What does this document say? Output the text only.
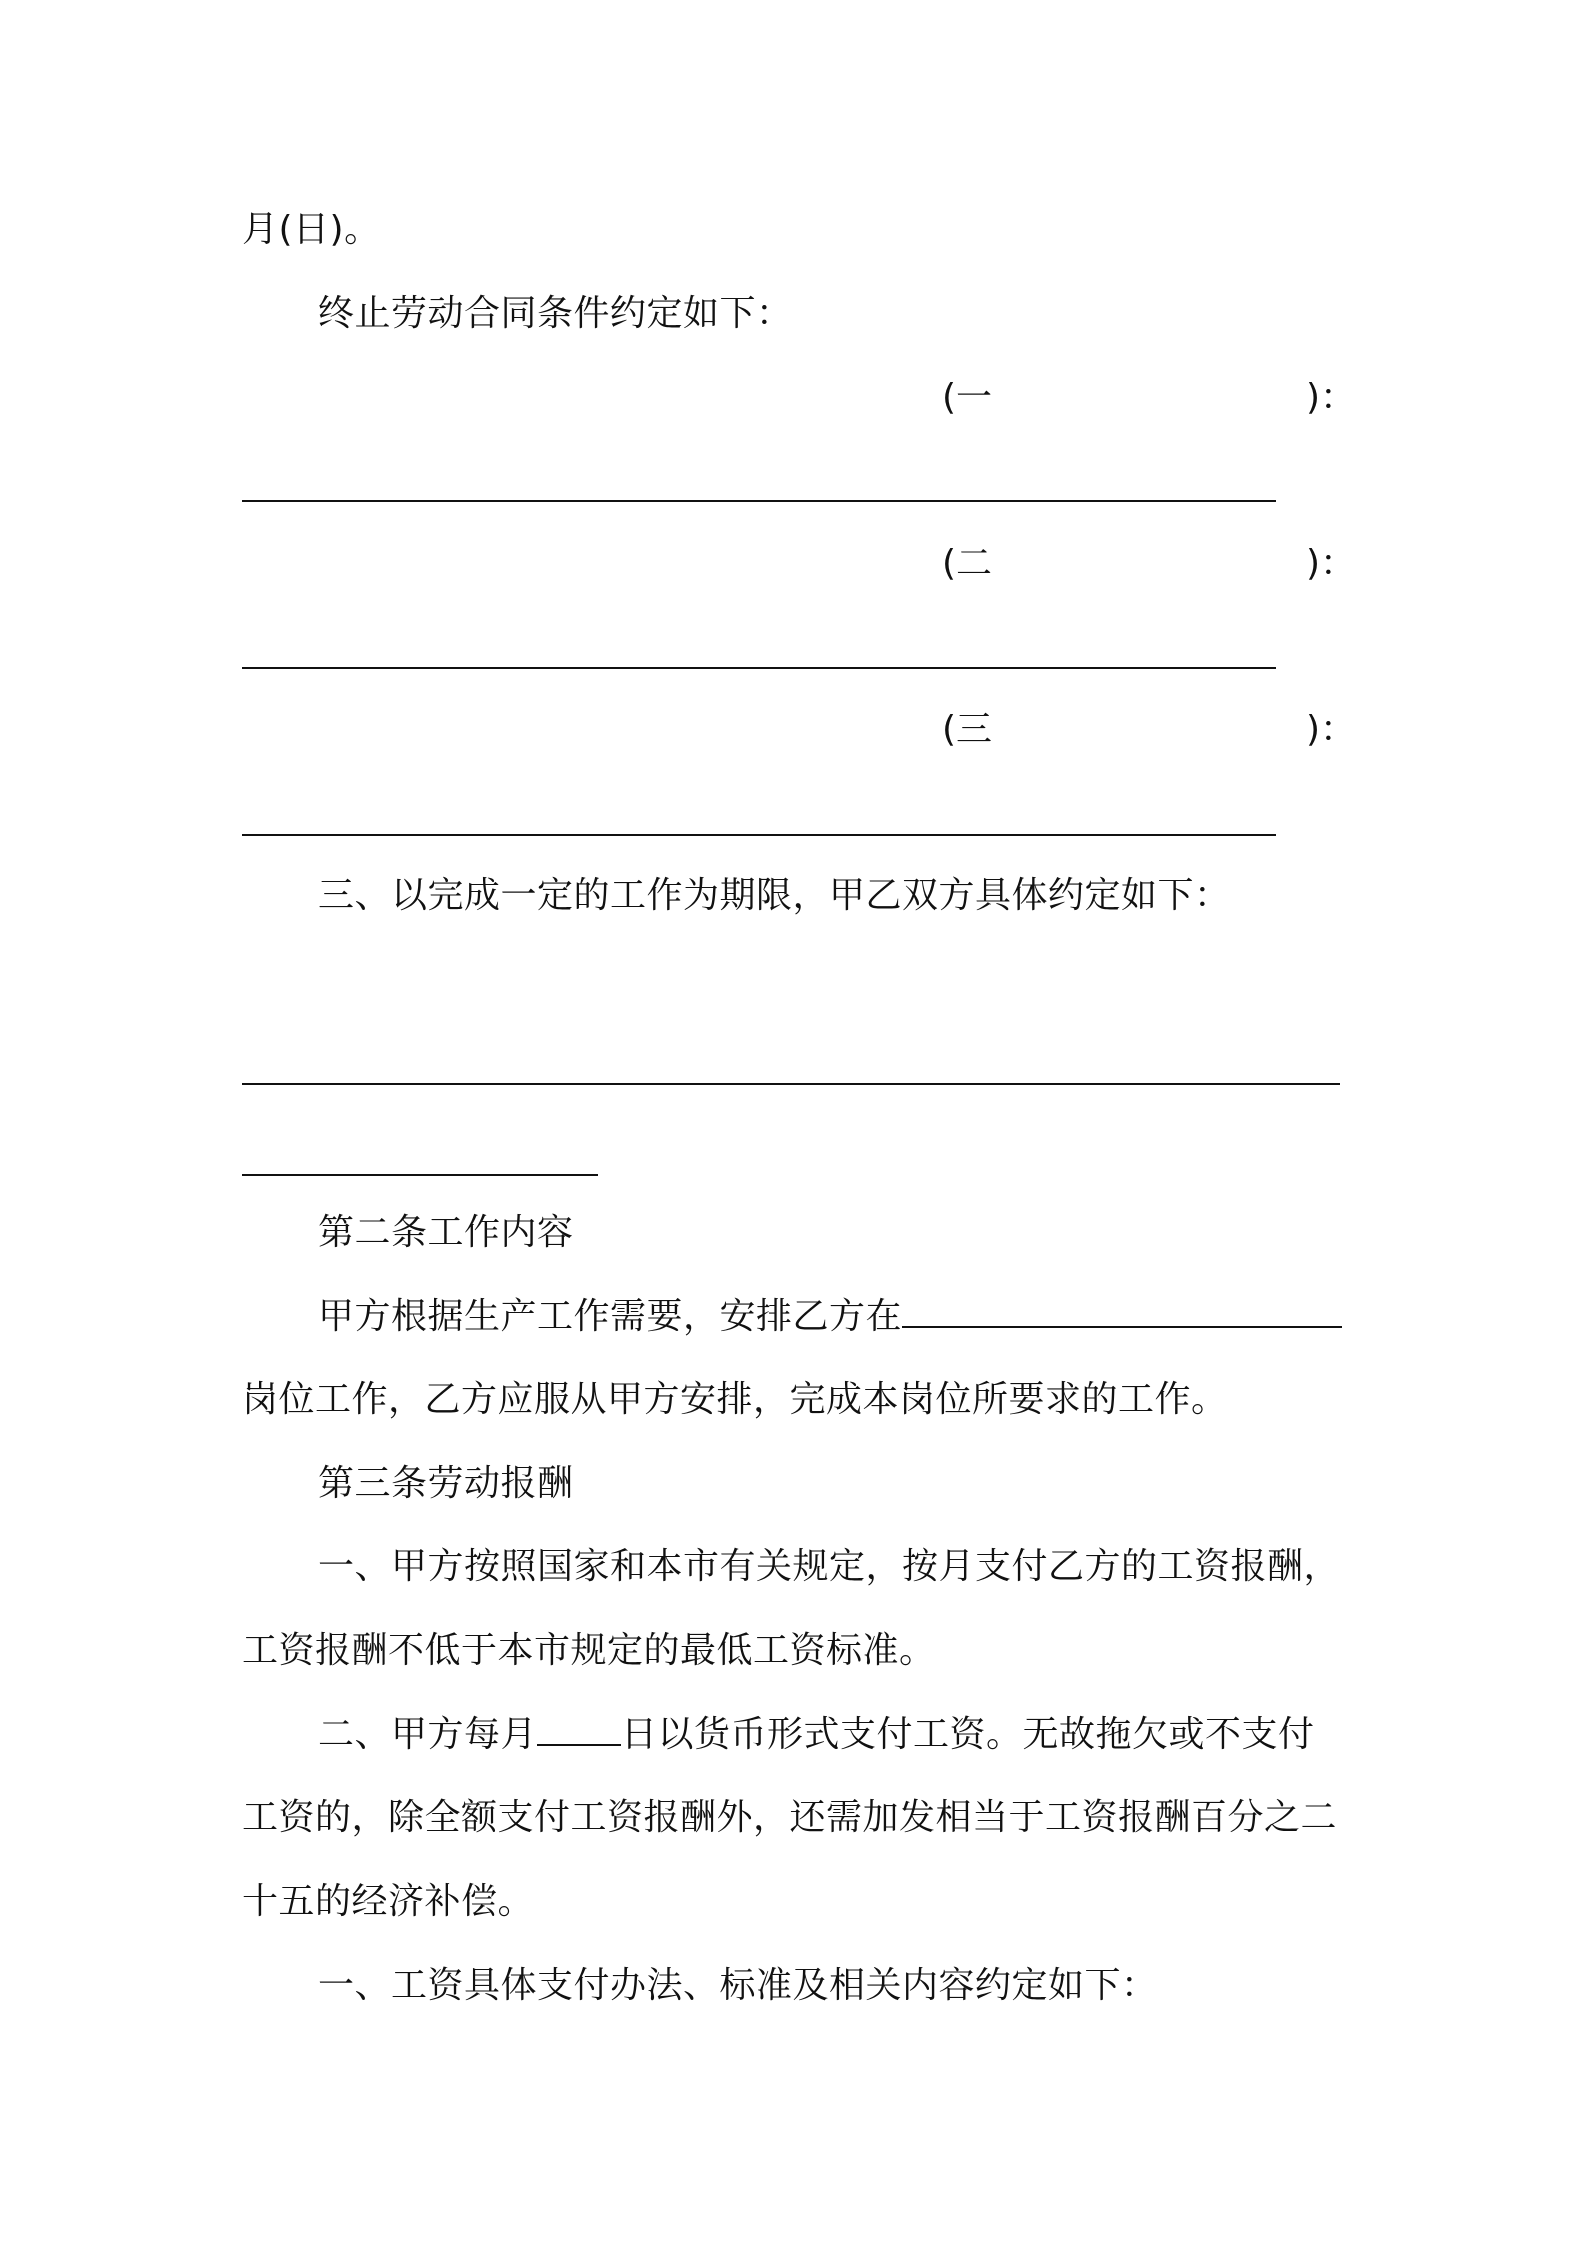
月(日)。
终止劳动合同条件约定如下：
(一	)：
(二	)：
(三	)：
三、以完成一定的工作为期限，甲乙双方具体约定如下：
第二条工作内容
甲方根据生产工作需要，安排乙方在
岗位工作，乙方应服从甲方安排，完成本岗位所要求的工作。
第三条劳动报酬
一、甲方按照国家和本市有关规定，按月支付乙方的工资报酬，
工资报酬不低于本市规定的最低工资标准。
二、甲方每月 日以货币形式支付工资。无故拖欠或不支付
工资的，除全额支付工资报酬外，还需加发相当于工资报酬百分之二
十五的经济补偿。
一、工资具体支付办法、标准及相关内容约定如下：
